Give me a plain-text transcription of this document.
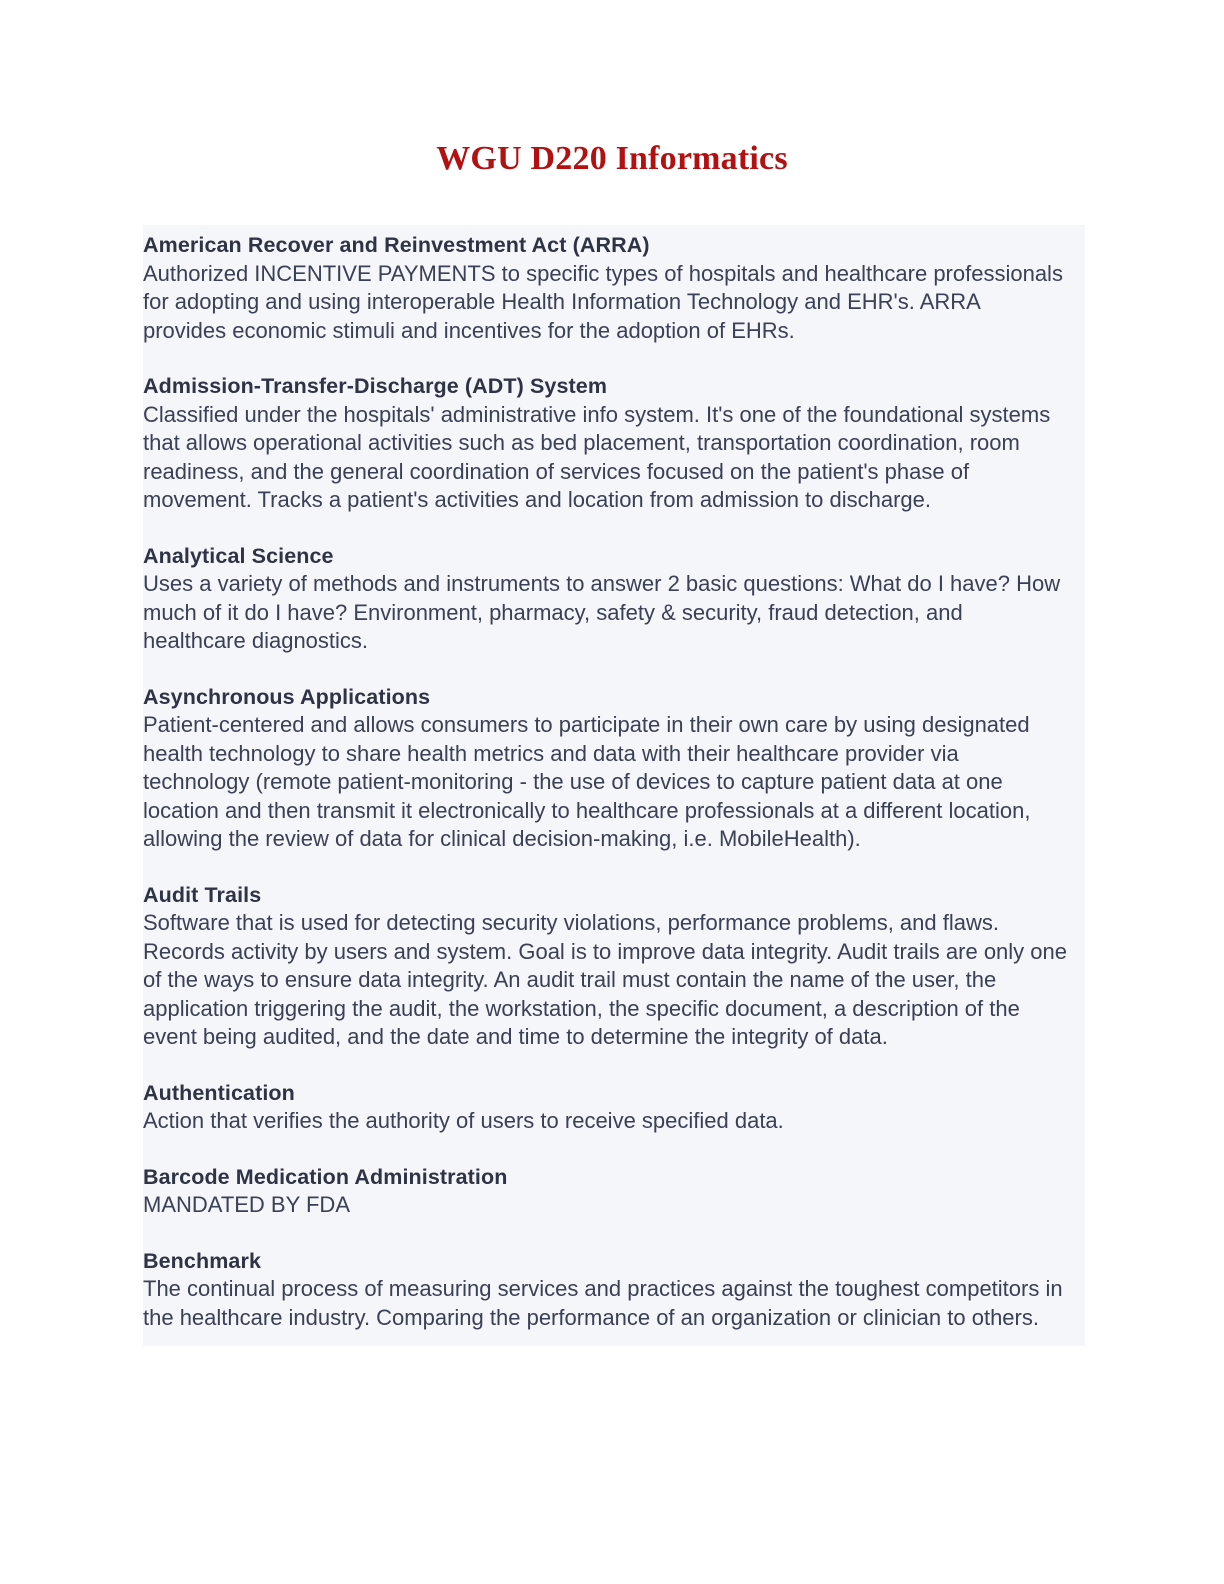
WGU D220 Informatics

American Recover and Reinvestment Act (ARRA)

Authorized INCENTIVE PAYMENTS to specific types of hospitals and healthcare professionals for adopting and using interoperable Health Information Technology and EHR's. ARRA provides economic stimuli and incentives for the adoption of EHRs.

Admission-Transfer-Discharge (ADT) System

Classified under the hospitals' administrative info system. It's one of the foundational systems that allows operational activities such as bed placement, transportation coordination, room readiness, and the general coordination of services focused on the patient's phase of movement. Tracks a patient's activities and location from admission to discharge.

Analytical Science

Uses a variety of methods and instruments to answer 2 basic questions: What do I have? How much of it do I have? Environment, pharmacy, safety & security, fraud detection, and healthcare diagnostics.

Asynchronous Applications

Patient-centered and allows consumers to participate in their own care by using designated health technology to share health metrics and data with their healthcare provider via technology (remote patient-monitoring - the use of devices to capture patient data at one location and then transmit it electronically to healthcare professionals at a different location, allowing the review of data for clinical decision-making, i.e. MobileHealth).

Audit Trails

Software that is used for detecting security violations, performance problems, and flaws. Records activity by users and system. Goal is to improve data integrity. Audit trails are only one of the ways to ensure data integrity. An audit trail must contain the name of the user, the application triggering the audit, the workstation, the specific document, a description of the event being audited, and the date and time to determine the integrity of data.

Authentication

Action that verifies the authority of users to receive specified data.

Barcode Medication Administration

MANDATED BY FDA

Benchmark

The continual process of measuring services and practices against the toughest competitors in the healthcare industry. Comparing the performance of an organization or clinician to others.
